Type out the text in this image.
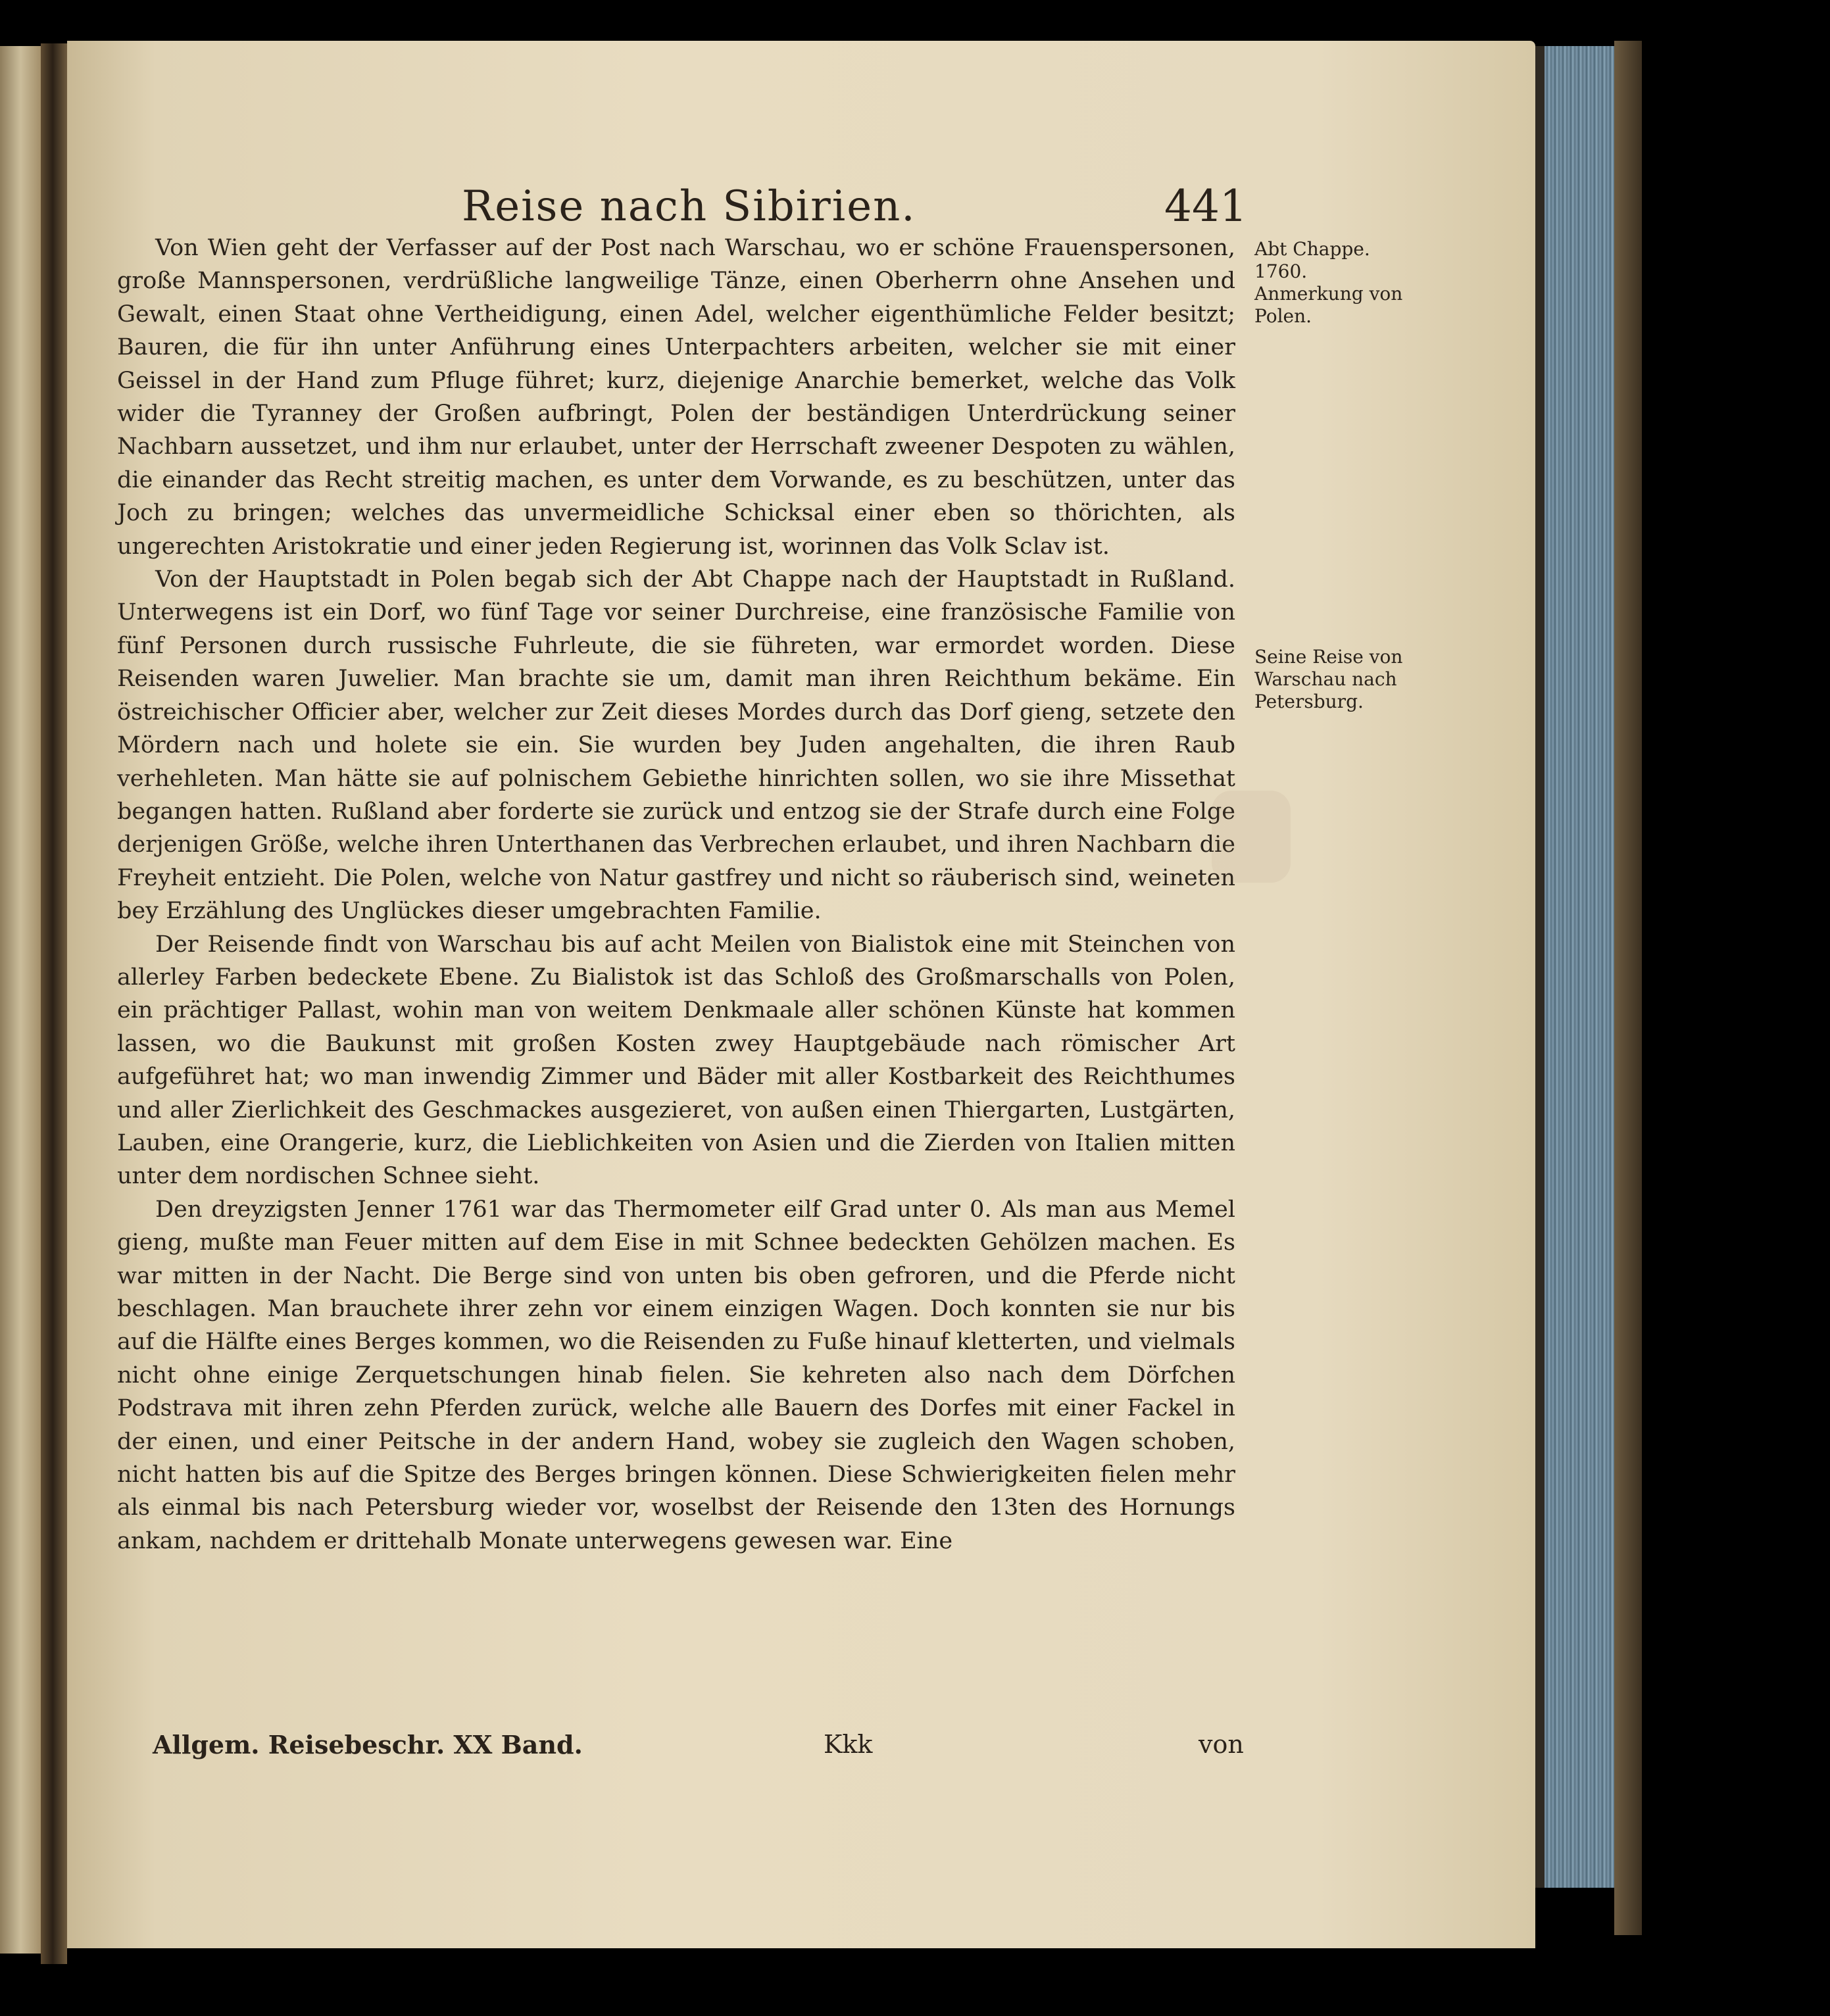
Reise nach Sibirien.	441

Von Wien geht der Verfasser auf der Post nach Warschau, wo er schöne Frauenspersonen, große Mannspersonen, verdrüßliche langweilige Tänze, einen Oberherrn ohne Ansehen und Gewalt, einen Staat ohne Vertheidigung, einen Adel, welcher eigenthümliche Felder besitzt; Bauren, die für ihn unter Anführung eines Unterpachters arbeiten, welcher sie mit einer Geissel in der Hand zum Pfluge führet; kurz, diejenige Anarchie bemerket, welche das Volk wider die Tyranney der Großen aufbringt, Polen der beständigen Unterdrückung seiner Nachbarn aussetzet, und ihm nur erlaubet, unter der Herrschaft zweener Despoten zu wählen, die einander das Recht streitig machen, es unter dem Vorwande, es zu beschützen, unter das Joch zu bringen; welches das unvermeidliche Schicksal einer eben so thörichten, als ungerechten Aristokratie und einer jeden Regierung ist, worinnen das Volk Sclav ist.

Von der Hauptstadt in Polen begab sich der Abt Chappe nach der Hauptstadt in Rußland. Unterwegens ist ein Dorf, wo fünf Tage vor seiner Durchreise, eine französische Familie von fünf Personen durch russische Fuhrleute, die sie führeten, war ermordet worden. Diese Reisenden waren Juwelier. Man brachte sie um, damit man ihren Reichthum bekäme. Ein östreichischer Officier aber, welcher zur Zeit dieses Mordes durch das Dorf gieng, setzete den Mördern nach und holete sie ein. Sie wurden bey Juden angehalten, die ihren Raub verhehleten. Man hätte sie auf polnischem Gebiethe hinrichten sollen, wo sie ihre Missethat begangen hatten. Rußland aber forderte sie zurück und entzog sie der Strafe durch eine Folge derjenigen Größe, welche ihren Unterthanen das Verbrechen erlaubet, und ihren Nachbarn die Freyheit entzieht. Die Polen, welche von Natur gastfrey und nicht so räuberisch sind, weineten bey Erzählung des Unglückes dieser umgebrachten Familie.

Der Reisende findt von Warschau bis auf acht Meilen von Bialistok eine mit Steinchen von allerley Farben bedeckete Ebene. Zu Bialistok ist das Schloß des Großmarschalls von Polen, ein prächtiger Pallast, wohin man von weitem Denkmaale aller schönen Künste hat kommen lassen, wo die Baukunst mit großen Kosten zwey Hauptgebäude nach römischer Art aufgeführet hat; wo man inwendig Zimmer und Bäder mit aller Kostbarkeit des Reichthumes und aller Zierlichkeit des Geschmackes ausgezieret, von außen einen Thiergarten, Lustgärten, Lauben, eine Orangerie, kurz, die Lieblichkeiten von Asien und die Zierden von Italien mitten unter dem nordischen Schnee sieht.

Den dreyzigsten Jenner 1761 war das Thermometer eilf Grad unter 0. Als man aus Memel gieng, mußte man Feuer mitten auf dem Eise in mit Schnee bedeckten Gehölzen machen. Es war mitten in der Nacht. Die Berge sind von unten bis oben gefroren, und die Pferde nicht beschlagen. Man brauchete ihrer zehn vor einem einzigen Wagen. Doch konnten sie nur bis auf die Hälfte eines Berges kommen, wo die Reisenden zu Fuße hinauf kletterten, und vielmals nicht ohne einige Zerquetschungen hinab fielen. Sie kehreten also nach dem Dörfchen Podstrava mit ihren zehn Pferden zurück, welche alle Bauern des Dorfes mit einer Fackel in der einen, und einer Peitsche in der andern Hand, wobey sie zugleich den Wagen schoben, nicht hatten bis auf die Spitze des Berges bringen können. Diese Schwierigkeiten fielen mehr als einmal bis nach Petersburg wieder vor, woselbst der Reisende den 13ten des Hornungs ankam, nachdem er drittehalb Monate unterwegens gewesen war. Eine

Abt Chappe. 1760. Anmerkung von Polen.
Seine Reise von Warschau nach Petersburg.
Allgem. Reisebeschr. XX Band.	Kkk	von
